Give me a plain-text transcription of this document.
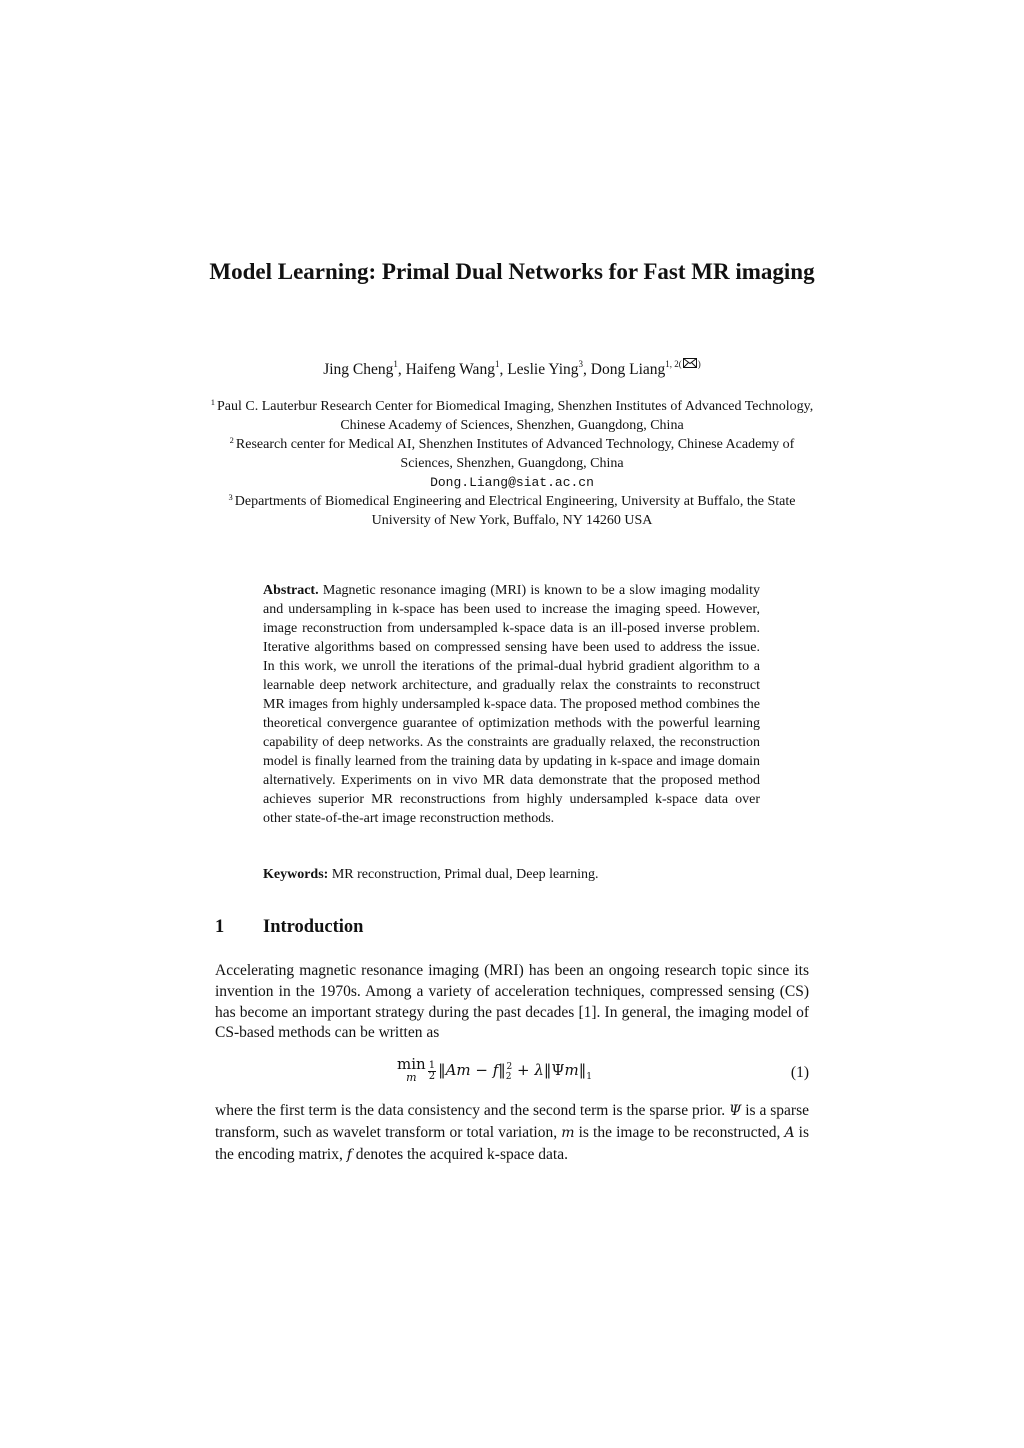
Model Learning: Primal Dual Networks for Fast MR imaging
Jing Cheng$^1$, Haifeng Wang$^1$, Leslie Ying$^3$, Dong Liang$^{1, 2( )}$
$^1$ Paul C. Lauterbur Research Center for Biomedical Imaging, Shenzhen Institutes of Advanced Technology, Chinese Academy of Sciences, Shenzhen, Guangdong, China
$^2$ Research center for Medical AI, Shenzhen Institutes of Advanced Technology, Chinese Academy of Sciences, Shenzhen, Guangdong, China
Dong.Liang@siat.ac.cn
$^3$ Departments of Biomedical Engineering and Electrical Engineering, University at Buffalo, the State University of New York, Buffalo, NY 14260 USA
Abstract. Magnetic resonance imaging (MRI) is known to be a slow imaging modality and undersampling in k-space has been used to increase the imaging speed. However, image reconstruction from undersampled k-space data is an ill-posed inverse problem. Iterative algorithms based on compressed sensing have been used to address the issue. In this work, we unroll the iterations of the primal-dual hybrid gradient algorithm to a learnable deep network architecture, and gradually relax the constraints to reconstruct MR images from highly undersampled k-space data. The proposed method combines the theoretical convergence guarantee of optimization methods with the powerful learning capability of deep networks. As the constraints are gradually relaxed, the reconstruction model is finally learned from the training data by updating in k-space and image domain alternatively. Experiments on in vivo MR data demonstrate that the proposed method achieves superior MR reconstructions from highly undersampled k-space data over other state-of-the-art image reconstruction methods.
Keywords: MR reconstruction, Primal dual, Deep learning.
1 Introduction
Accelerating magnetic resonance imaging (MRI) has been an ongoing research topic since its invention in the 1970s. Among a variety of acceleration techniques, compressed sensing (CS) has become an important strategy during the past decades [1]. In general, the imaging model of CS-based methods can be written as
min
m	$\frac{1}{2}$ ‖Am − $f‖_2^2$ + $\lambda‖\Psi m‖_1$	(1)
where the first term is the data consistency and the second term is the sparse prior. Ψ is a sparse transform, such as wavelet transform or total variation, m is the image to be reconstructed, A is the encoding matrix, f denotes the acquired k-space data.
